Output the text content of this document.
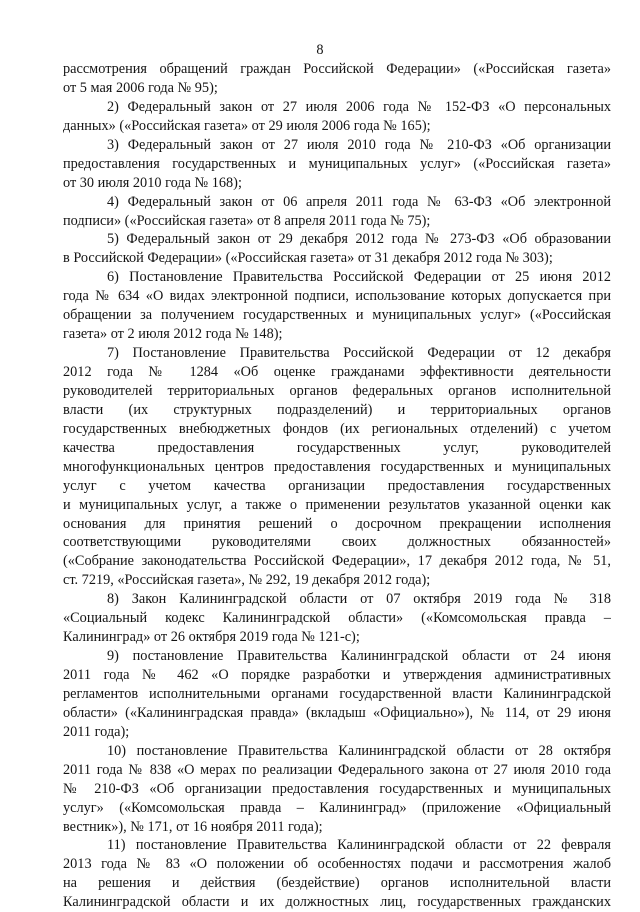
8
рассмотрения обращений граждан Российской Федерации» («Российская газета»
от 5 мая 2006 года № 95);
2) Федеральный закон от 27 июля 2006 года № 152-ФЗ «О персональных
данных» («Российская газета» от 29 июля 2006 года № 165);
3) Федеральный закон от 27 июля 2010 года № 210-ФЗ «Об организации
предоставления государственных и муниципальных услуг» («Российская газета»
от 30 июля 2010 года № 168);
4) Федеральный закон от 06 апреля 2011 года № 63-ФЗ «Об электронной
подписи» («Российская газета» от 8 апреля 2011 года № 75);
5) Федеральный закон от 29 декабря 2012 года № 273-ФЗ «Об образовании
в Российской Федерации» («Российская газета» от 31 декабря 2012 года № 303);
6) Постановление Правительства Российской Федерации от 25 июня 2012
года № 634 «О видах электронной подписи, использование которых допускается при
обращении за получением государственных и муниципальных услуг» («Российская
газета» от 2 июля 2012 года № 148);
7) Постановление Правительства Российской Федерации от 12 декабря
2012 года № 1284 «Об оценке гражданами эффективности деятельности
руководителей территориальных органов федеральных органов исполнительной
власти (их структурных подразделений) и территориальных органов
государственных внебюджетных фондов (их региональных отделений) с учетом
качества предоставления государственных услуг, руководителей
многофункциональных центров предоставления государственных и муниципальных
услуг с учетом качества организации предоставления государственных
и муниципальных услуг, а также о применении результатов указанной оценки как
основания для принятия решений о досрочном прекращении исполнения
соответствующими руководителями своих должностных обязанностей»
(«Собрание законодательства Российской Федерации», 17 декабря 2012 года, № 51,
ст. 7219, «Российская газета», № 292, 19 декабря 2012 года);
8) Закон Калининградской области от 07 октября 2019 года № 318
«Социальный кодекс Калининградской области» («Комсомольская правда –
Калининград» от 26 октября 2019 года № 121-с);
9) постановление Правительства Калининградской области от 24 июня
2011 года № 462 «О порядке разработки и утверждения административных
регламентов исполнительными органами государственной власти Калининградской
области» («Калининградская правда» (вкладыш «Официально»), № 114, от 29 июня
2011 года);
10) постановление Правительства Калининградской области от 28 октября
2011 года № 838 «О мерах по реализации Федерального закона от 27 июля 2010 года
№ 210-ФЗ «Об организации предоставления государственных и муниципальных
услуг» («Комсомольская правда – Калининград» (приложение «Официальный
вестник»), № 171, от 16 ноября 2011 года);
11) постановление Правительства Калининградской области от 22 февраля
2013 года № 83 «О положении об особенностях подачи и рассмотрения жалоб
на решения и действия (бездействие) органов исполнительной власти
Калининградской области и их должностных лиц, государственных гражданских
